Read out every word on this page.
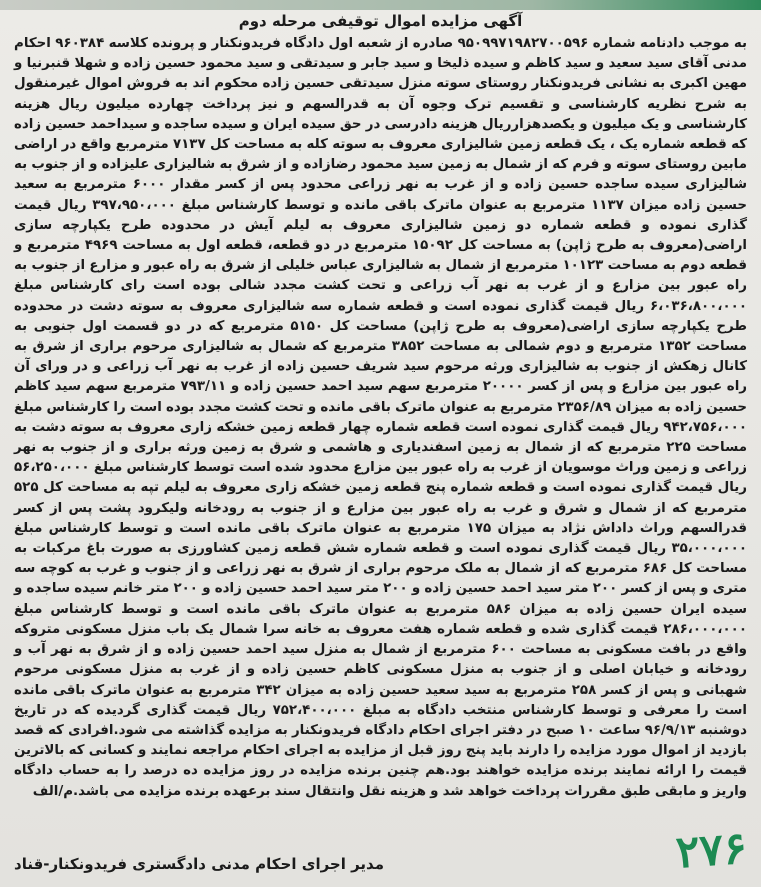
آگهی مزایده اموال توقیفی مرحله دوم
به موجب دادنامه شماره ۹۵۰۹۹۷۱۹۸۲۷۰۰۵۹۶ صادره از شعبه اول دادگاه فریدونکنار و پرونده کلاسه ۹۶۰۳۸۴ احکام مدنی آقای سید سعید و سید کاظم و سیده ذلیخا و سید جابر و سیدتقی و سید محمود حسین زاده و شهلا قنبرنیا و مهین اکبری به نشانی فریدونکنار روستای سوته منزل سیدتقی حسین زاده محکوم اند به فروش اموال غیرمنقول به شرح نظریه کارشناسی و تقسیم ترک وجوه آن به قدرالسهم و نیز پرداخت چهارده میلیون ریال هزینه کارشناسی و یک میلیون و یکصدهزارریال هزینه دادرسی در حق سیده ایران و سیده ساجده و سیداحمد حسین زاده که قطعه شماره یک ، یک قطعه زمین شالیزاری معروف به سوته کله به مساحت کل ۷۱۳۷ مترمربع واقع در اراضی مابین روستای سوته و فرم که از شمال به زمین سید محمود رضازاده و از شرق به شالیزاری علیزاده و از جنوب به شالیزاری سیده ساجده حسین زاده و از غرب به نهر زراعی محدود پس از کسر مقدار ۶۰۰۰ مترمربع به سعید حسین زاده میزان ۱۱۳۷ مترمربع به عنوان ماترک باقی مانده و توسط کارشناس مبلغ ۳۹۷،۹۵۰،۰۰۰ ریال قیمت گذاری نموده و قطعه شماره دو زمین شالیزاری معروف به لیلم آیش در محدوده طرح یکپارچه سازی اراضی(معروف به طرح ژاپن) به مساحت کل ۱۵۰۹۲ مترمربع در دو قطعه، قطعه اول به مساحت ۴۹۶۹ مترمربع و قطعه دوم به مساحت ۱۰۱۲۳ مترمربع از شمال به شالیزاری عباس خلیلی از شرق به راه عبور و مزارع از جنوب به راه عبور بین مزارع و از غرب به نهر آب زراعی و تحت کشت مجدد شالی بوده است رای کارشناس مبلغ ۶،۰۳۶،۸۰۰،۰۰۰ ریال قیمت گذاری نموده است و قطعه شماره سه شالیزاری معروف به سوته دشت در محدوده طرح یکپارچه سازی اراضی(معروف به طرح ژاپن) مساحت کل ۵۱۵۰ مترمربع که در دو قسمت اول جنوبی به مساحت ۱۳۵۲ مترمربع و دوم شمالی به مساحت ۳۸۵۲ مترمربع که شمال به شالیزاری مرحوم براری از شرق به کانال زهکش از جنوب به شالیزاری ورثه مرحوم سید شریف حسین زاده از غرب به نهر آب زراعی و در ورای آن راه عبور بین مزارع و پس از کسر ۲۰۰۰۰ مترمربع سهم سید احمد حسین زاده و ۷۹۳/۱۱ مترمربع سهم سید کاظم حسین زاده به میزان ۲۳۵۶/۸۹ مترمربع به عنوان ماترک باقی مانده و تحت کشت مجدد بوده است را کارشناس مبلغ ۹۴۲،۷۵۶،۰۰۰ ریال قیمت گذاری نموده است قطعه شماره چهار قطعه زمین خشکه زاری معروف به سوته دشت به مساحت ۲۲۵ مترمربع که از شمال به زمین اسفندیاری و هاشمی و شرق به زمین ورثه براری و از جنوب به نهر زراعی و زمین وراث موسویان از غرب به راه عبور بین مزارع محدود شده است توسط کارشناس مبلغ ۵۶،۲۵۰،۰۰۰ ریال قیمت گذاری نموده است و قطعه شماره پنج قطعه زمین خشکه زاری معروف به لیلم تپه به مساحت کل ۵۲۵ مترمربع که از شمال و شرق و غرب به راه عبور بین مزارع و از جنوب به رودخانه ولیکرود پشت پس از کسر قدرالسهم وراث داداش نژاد به میزان ۱۷۵ مترمربع به عنوان ماترک باقی مانده است و توسط کارشناس مبلغ ۳۵،۰۰۰،۰۰۰ ریال قیمت گذاری نموده است و قطعه شماره شش قطعه زمین کشاورزی به صورت باغ مرکبات به مساحت کل ۶۸۶ مترمربع که از شمال به ملک مرحوم براری از شرق به نهر زراعی و از جنوب و غرب به کوچه سه متری و پس از کسر ۲۰۰ متر سید احمد حسین زاده و ۲۰۰ متر سید احمد حسین زاده و ۲۰۰ متر خانم سیده ساجده و سیده ایران حسین زاده به میزان ۵۸۶ مترمربع به عنوان ماترک باقی مانده است و توسط کارشناس مبلغ ۲۸۶،۰۰۰،۰۰۰ قیمت گذاری شده و قطعه شماره هفت معروف به خانه سرا شمال یک باب منزل مسکونی متروکه واقع در بافت مسکونی به مساحت ۶۰۰ مترمربع از شمال به منزل سید احمد حسین زاده و از شرق به نهر آب و رودخانه و خیابان اصلی و از جنوب به منزل مسکونی کاظم حسین زاده و از غرب به منزل مسکونی مرحوم شهبانی و پس از کسر ۲۵۸ مترمربع به سید سعید حسین زاده به میزان ۳۴۲ مترمربع به عنوان ماترک باقی مانده است را معرفی و توسط کارشناس منتخب دادگاه به مبلغ ۷۵۲،۴۰۰،۰۰۰ ریال قیمت گذاری گردیده که در تاریخ دوشنبه ۹۶/۹/۱۳ ساعت ۱۰ صبح در دفتر اجرای احکام دادگاه فریدونکنار به مزایده گذاشته می شود.افرادی که قصد بازدید از اموال مورد مزایده را دارند باید پنج روز قبل از مزایده به اجرای احکام مراجعه نمایند و کسانی که بالاترین قیمت را ارائه نمایند برنده مزایده خواهند بود.هم چنین برنده مزایده در روز مزایده ده درصد را به حساب دادگاه واریز و مابقی طبق مقررات پرداخت خواهد شد و هزینه نقل وانتقال سند برعهده برنده مزایده می باشد.م/الف
مدیر اجرای احکام مدنی دادگستری فریدونکنار-قناد	۲۷۶
